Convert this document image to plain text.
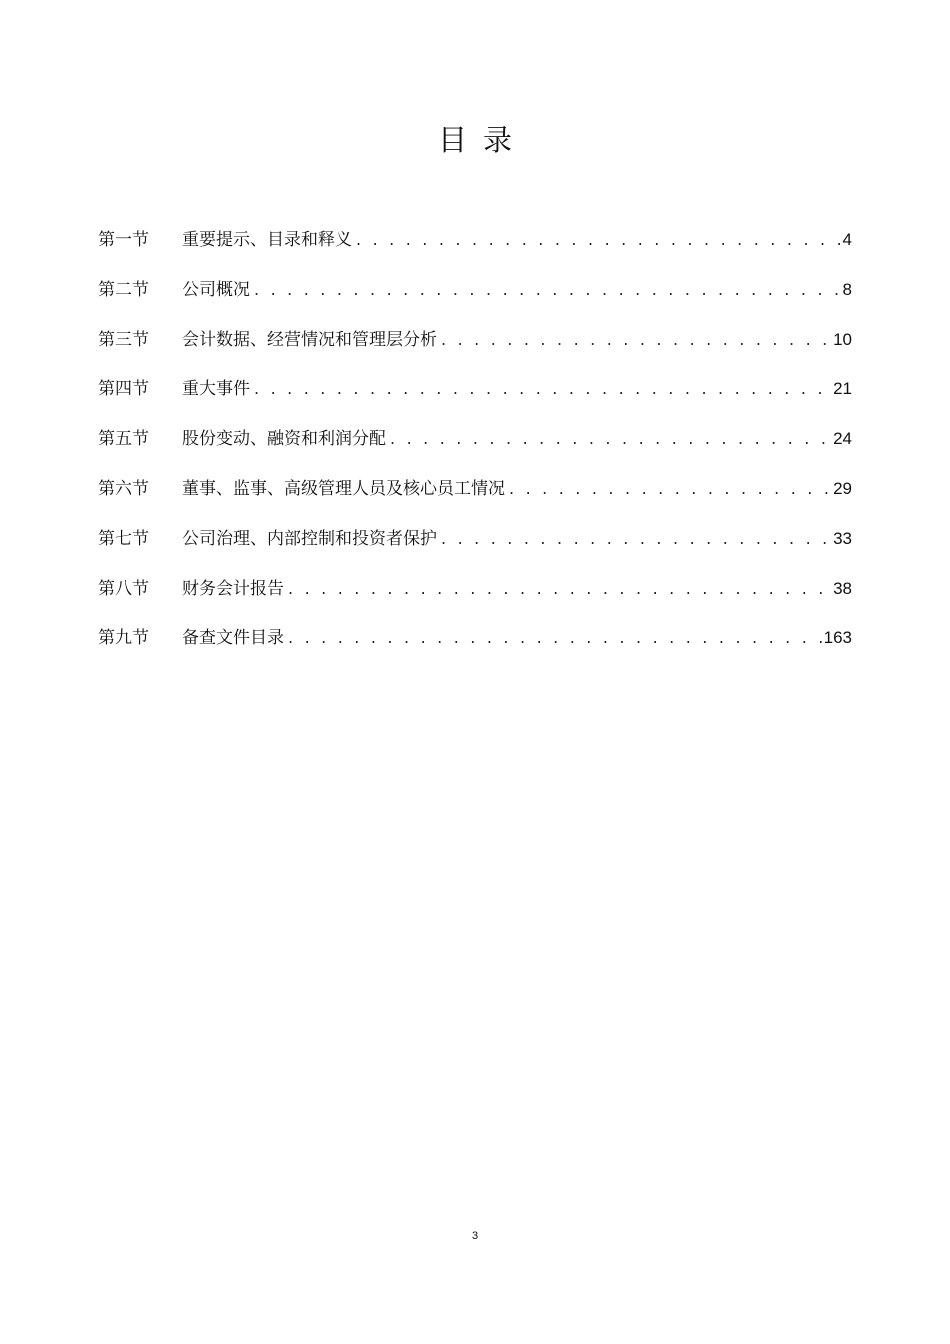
目录
第一节	重要提示、目录和释义 . . .	4
第二节	公司概况 . . .	8
第三节	会计数据、经营情况和管理层分析 . . .	10
第四节	重大事件 . . .	21
第五节	股份变动、融资和利润分配 . . .	24
第六节	董事、监事、高级管理人员及核心员工情况 . . .	29
第七节	公司治理、内部控制和投资者保护 . . .	33
第八节	财务会计报告 . . .	38
第九节	备查文件目录 . . .	163
3
